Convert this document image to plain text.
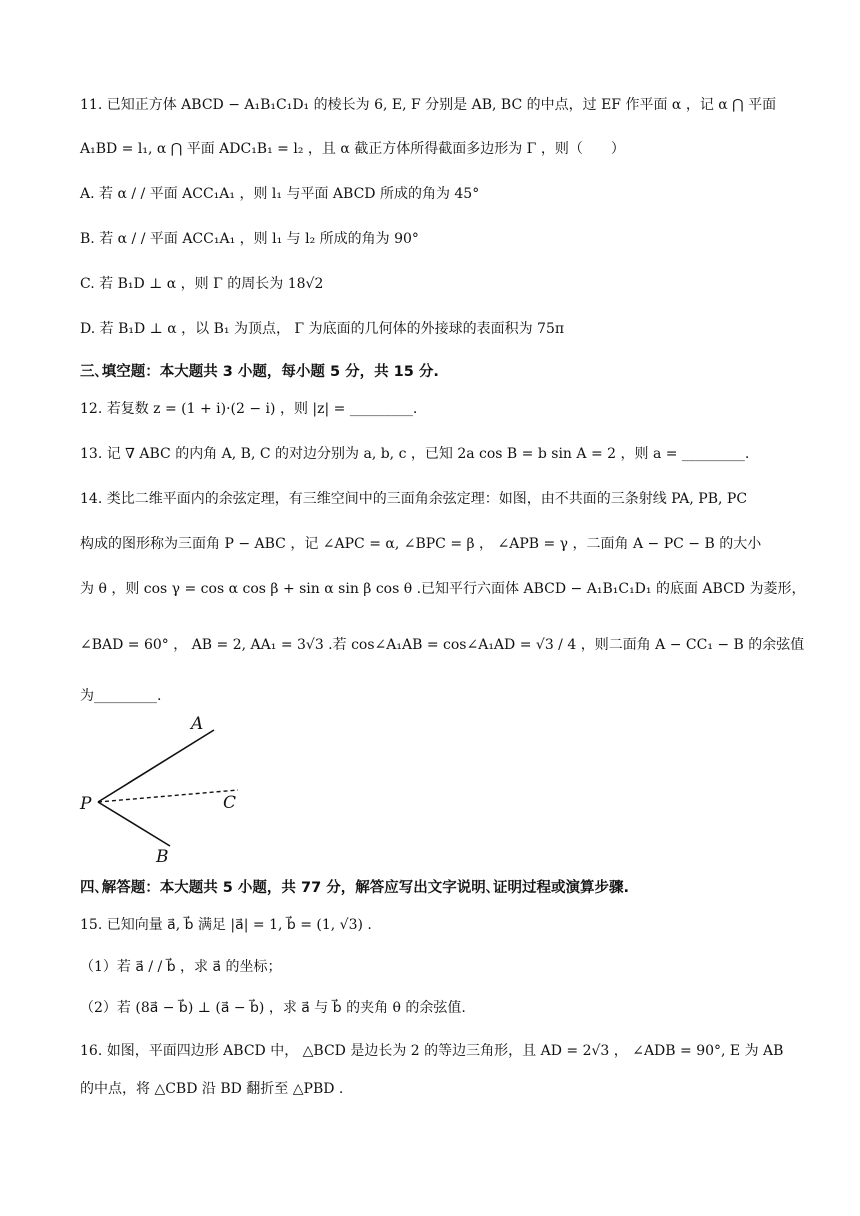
11. 已知正方体 ABCD − A₁B₁C₁D₁ 的棱长为 6, E, F 分别是 AB, BC 的中点，过 EF 作平面 α ，记 α ⋂ 平面
A₁BD = l₁, α ⋂ 平面 ADC₁B₁ = l₂ ，且 α 截正方体所得截面多边形为 Γ ，则（　　）
A. 若 α / / 平面 ACC₁A₁ ，则 l₁ 与平面 ABCD 所成的角为 45°
B. 若 α / / 平面 ACC₁A₁ ，则 l₁ 与 l₂ 所成的角为 90°
C. 若 B₁D ⊥ α ，则 Γ 的周长为 18√2
D. 若 B₁D ⊥ α ，以 B₁ 为顶点， Γ 为底面的几何体的外接球的表面积为 75π
三､填空题：本大题共 3 小题，每小题 5 分，共 15 分.
12. 若复数 z = (1 + i)·(2 − i) ，则 |z| = _________.
13. 记 ∇ ABC 的内角 A, B, C 的对边分别为 a, b, c ，已知 2a cos B = b sin A = 2 ，则 a = _________.
14. 类比二维平面内的余弦定理，有三维空间中的三面角余弦定理：如图，由不共面的三条射线 PA, PB, PC
构成的图形称为三面角 P − ABC ，记 ∠APC = α, ∠BPC = β ， ∠APB = γ ，二面角 A − PC − B 的大小
为 θ ，则 cos γ = cos α cos β + sin α sin β cos θ .已知平行六面体 ABCD − A₁B₁C₁D₁ 的底面 ABCD 为菱形，
∠BAD = 60° ， AB = 2, AA₁ = 3√3 .若 cos∠A₁AB = cos∠A₁AD = √3 / 4 ，则二面角 A − CC₁ − B 的余弦值
为_________.
P
A
B
C
四､解答题：本大题共 5 小题，共 77 分，解答应写出文字说明､证明过程或演算步骤.
15. 已知向量 a⃗, b⃗ 满足 |a⃗| = 1, b⃗ = (1, √3) .
（1）若 a⃗ / / b⃗ ，求 a⃗ 的坐标；
（2）若 (8a⃗ − b⃗) ⊥ (a⃗ − b⃗) ，求 a⃗ 与 b⃗ 的夹角 θ 的余弦值.
16. 如图，平面四边形 ABCD 中， △BCD 是边长为 2 的等边三角形，且 AD = 2√3 ， ∠ADB = 90°, E 为 AB
的中点，将 △CBD 沿 BD 翻折至 △PBD .
